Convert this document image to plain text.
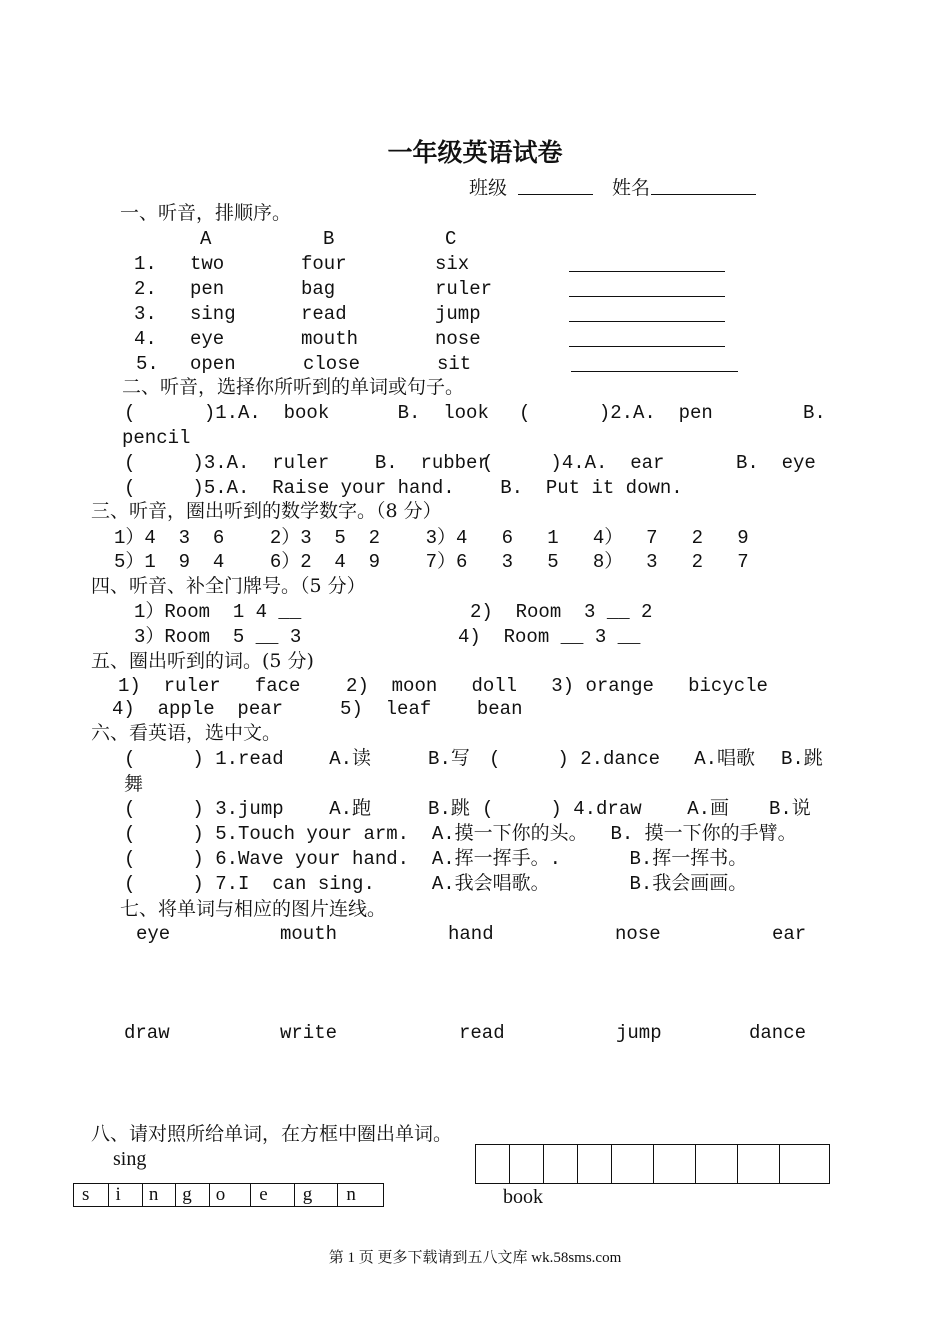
一年级英语试卷
班级	姓名
一、听音，排顺序。
A	B	C
1. two	four	six
2. pen	bag	ruler
3. sing	read	jump
4. eye	mouth	nose
5. open	close	sit
二、听音，选择你所听到的单词或句子。
(      )1.A.  book      B.  look (      )2.A.  pen	B.
pencil
(     )3.A.  ruler    B.  rubber
(     )4.A.  ear	B.  eye
(     )5.A.  Raise your hand.    B.  Put it down.
三、听音，圈出听到的数学数字。（8 分）
1）4  3  6    2）3  5  2    3）4   6   1   4）  7   2   9
5）1  9  4    6）2  4  9    7）6   3   5   8）  3   2   7
四、听音、补全门牌号。（5 分）
1）Room  1 4 __	2)  Room  3 __ 2
3）Room  5 __ 3	4)  Room __ 3 __
五、圈出听到的词。(5 分)
1)  ruler   face    2)  moon   doll   3) orange   bicycle
4)  apple  pear     5)  leaf    bean
六、看英语，选中文。
(     ) 1.read    A.读     B.写 (     ) 2.dance   A.唱歌 B.跳
舞
(     ) 3.jump    A.跑     B.跳 (     ) 4.draw    A.画 B.说
(     ) 5.Touch your arm.  A.摸一下你的头。  B. 摸一下你的手臂。
(     ) 6.Wave your hand.  A.挥一挥手。.      B.挥一挥书。
(     ) 7.I  can sing.     A.我会唱歌。       B.我会画画。
七、将单词与相应的图片连线。
eye	mouth	hand	nose	ear
draw	write	read	jump	dance
八、请对照所给单词，在方框中圈出单词。
sing
s	i	n	g	o	e	g	n	book
第 1 页 更多下载请到五八文库 wk.58sms.com
